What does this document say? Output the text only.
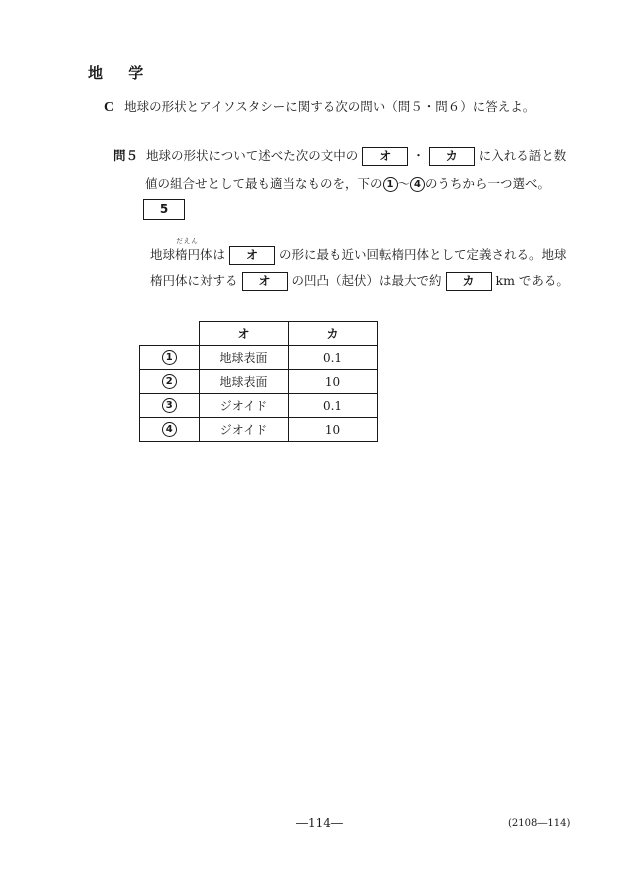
地 学
C 地球の形状とアイソスタシーに関する次の問い（問５・問６）に答えよ。
問５ 地球の形状について述べた次の文中の オ ・ カ に入れる語と数
値の組合せとして最も適当なものを，下の 1 ～ 4 のうちから一つ選べ。
5
地球
だえん
楕円体は オ の形に最も近い回転楕円体として定義される。地球
楕円体に対する オ の凹凸（起伏）は最大で約 カ km である。
	オ	カ
1	地球表面	0.1
2	地球表面	10
3	ジオイド	0.1
4	ジオイド	10
―114―	(2108―114)
